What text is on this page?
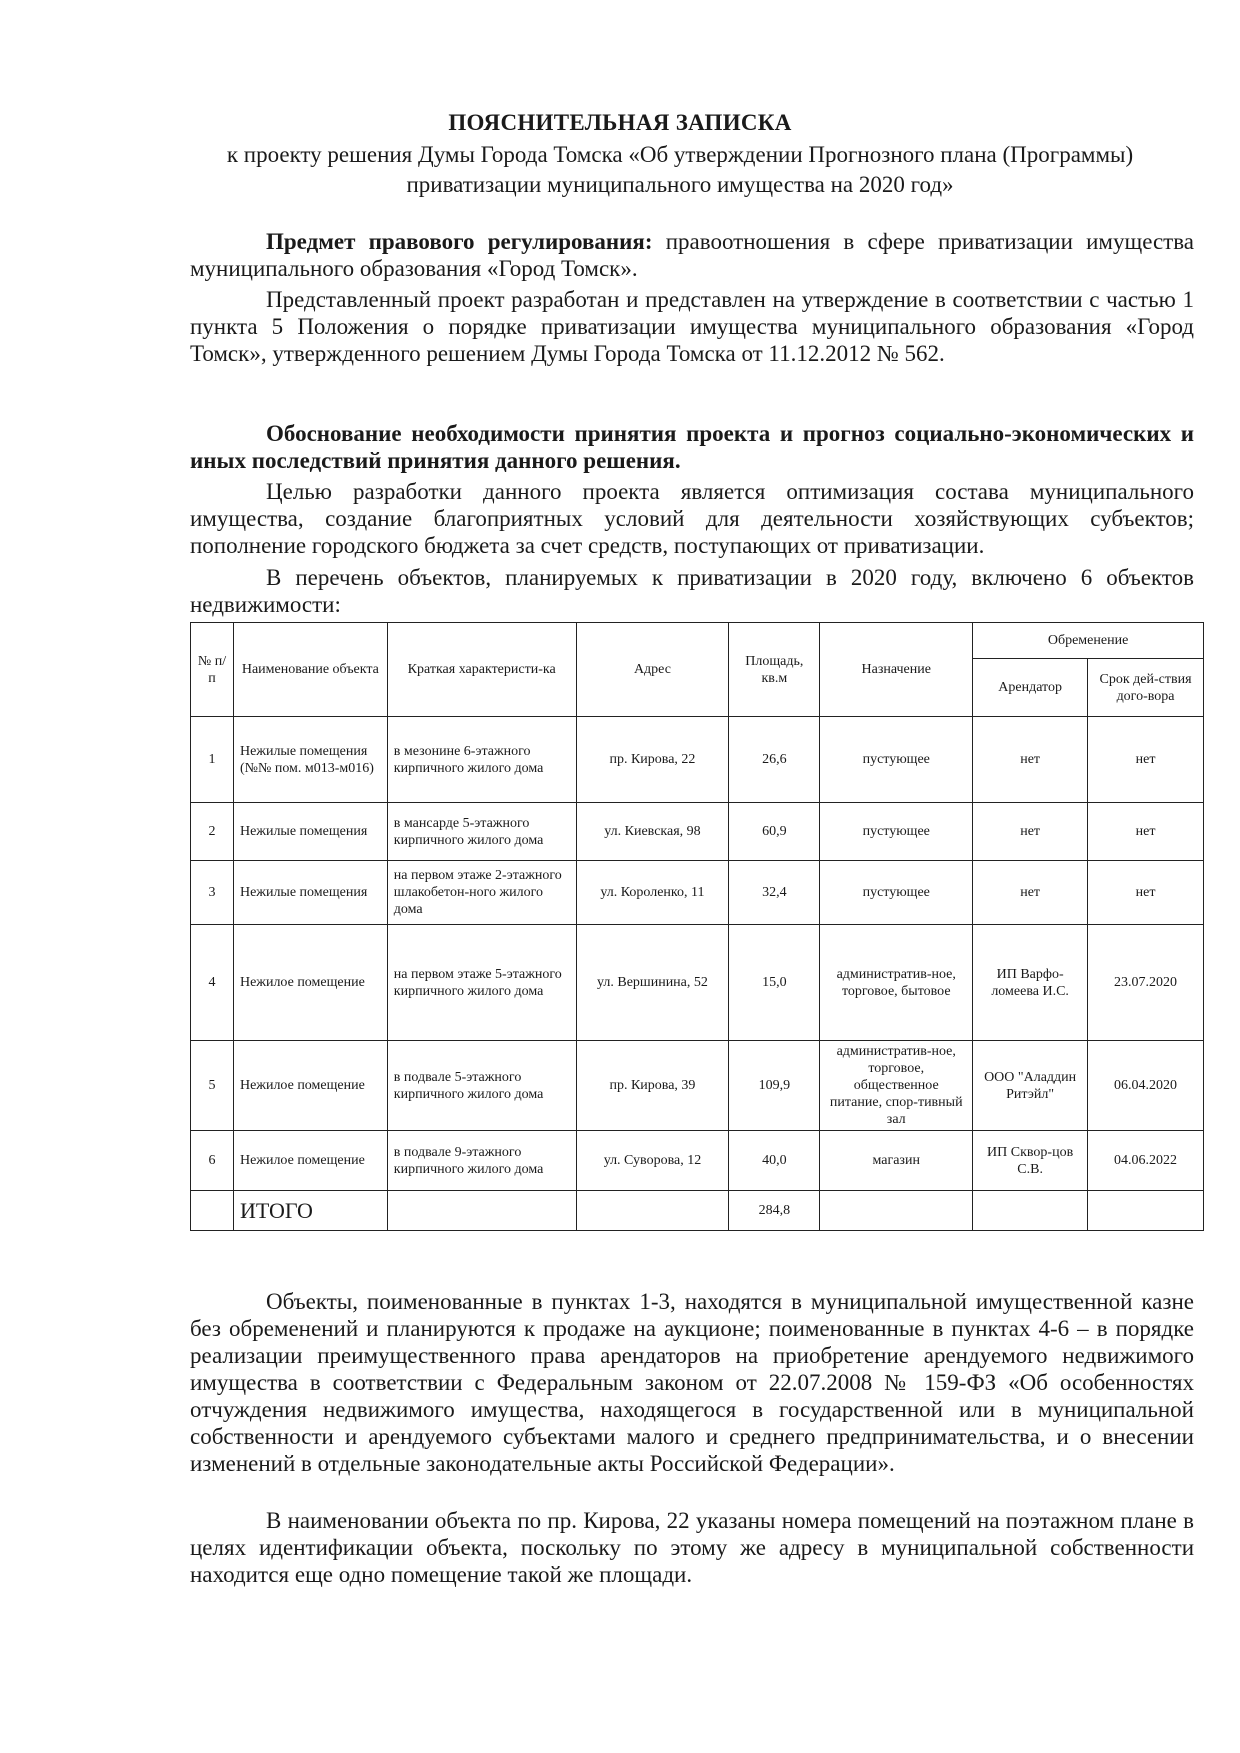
ПОЯСНИТЕЛЬНАЯ ЗАПИСКА
к проекту решения Думы Города Томска «Об утверждении Прогнозного плана (Программы)
приватизации муниципального имущества на 2020 год»
Предмет правового регулирования: правоотношения в сфере приватизации имущества муниципального образования «Город Томск».
Представленный проект разработан и представлен на утверждение в соответствии с частью 1 пункта 5 Положения о порядке приватизации имущества муниципального образования «Город Томск», утвержденного решением Думы Города Томска от 11.12.2012 № 562.
Обоснование необходимости принятия проекта и прогноз социально-экономических и иных последствий принятия данного решения.
Целью разработки данного проекта является оптимизация состава муниципального имущества, создание благоприятных условий для деятельности хозяйствующих субъектов; пополнение городского бюджета за счет средств, поступающих от приватизации.
В перечень объектов, планируемых к приватизации в 2020 году, включено 6 объектов недвижимости:
№ п/п	Наименование объекта	Краткая характеристи-ка	Адрес	Площадь, кв.м	Назначение	Обременение	
						Арендатор	Срок дей-ствия дого-вора
1	Нежилые помещения (№№ пом. м013-м016)	в мезонине 6-этажного кирпичного жилого дома	пр. Кирова, 22	26,6	пустующее	нет	нет
2	Нежилые помещения	в мансарде 5-этажного кирпичного жилого дома	ул. Киевская, 98	60,9	пустующее	нет	нет
3	Нежилые помещения	на первом этаже 2-этажного шлакобетон-ного жилого дома	ул. Короленко, 11	32,4	пустующее	нет	нет
4	Нежилое помещение	на первом этаже 5-этажного кирпичного жилого дома	ул. Вершинина, 52	15,0	административ-ное, торговое, бытовое	ИП Варфо-ломеева И.С.	23.07.2020
5	Нежилое помещение	в подвале 5-этажного кирпичного жилого дома	пр. Кирова, 39	109,9	административ-ное, торговое, общественное питание, спор-тивный зал	ООО "Аладдин Ритэйл"	06.04.2020
6	Нежилое помещение	в подвале 9-этажного кирпичного жилого дома	ул. Суворова, 12	40,0	магазин	ИП Сквор-цов С.В.	04.06.2022
	ИТОГО			284,8			
Объекты, поименованные в пунктах 1-3, находятся в муниципальной имущественной казне без обременений и планируются к продаже на аукционе; поименованные в пунктах 4-6 – в порядке реализации преимущественного права арендаторов на приобретение арендуемого недвижимого имущества в соответствии с Федеральным законом от 22.07.2008 № 159-ФЗ «Об особенностях отчуждения недвижимого имущества, находящегося в государственной или в муниципальной собственности и арендуемого субъектами малого и среднего предпринимательства, и о внесении изменений в отдельные законодательные акты Российской Федерации».
В наименовании объекта по пр. Кирова, 22 указаны номера помещений на поэтажном плане в целях идентификации объекта, поскольку по этому же адресу в муниципальной собственности находится еще одно помещение такой же площади.
